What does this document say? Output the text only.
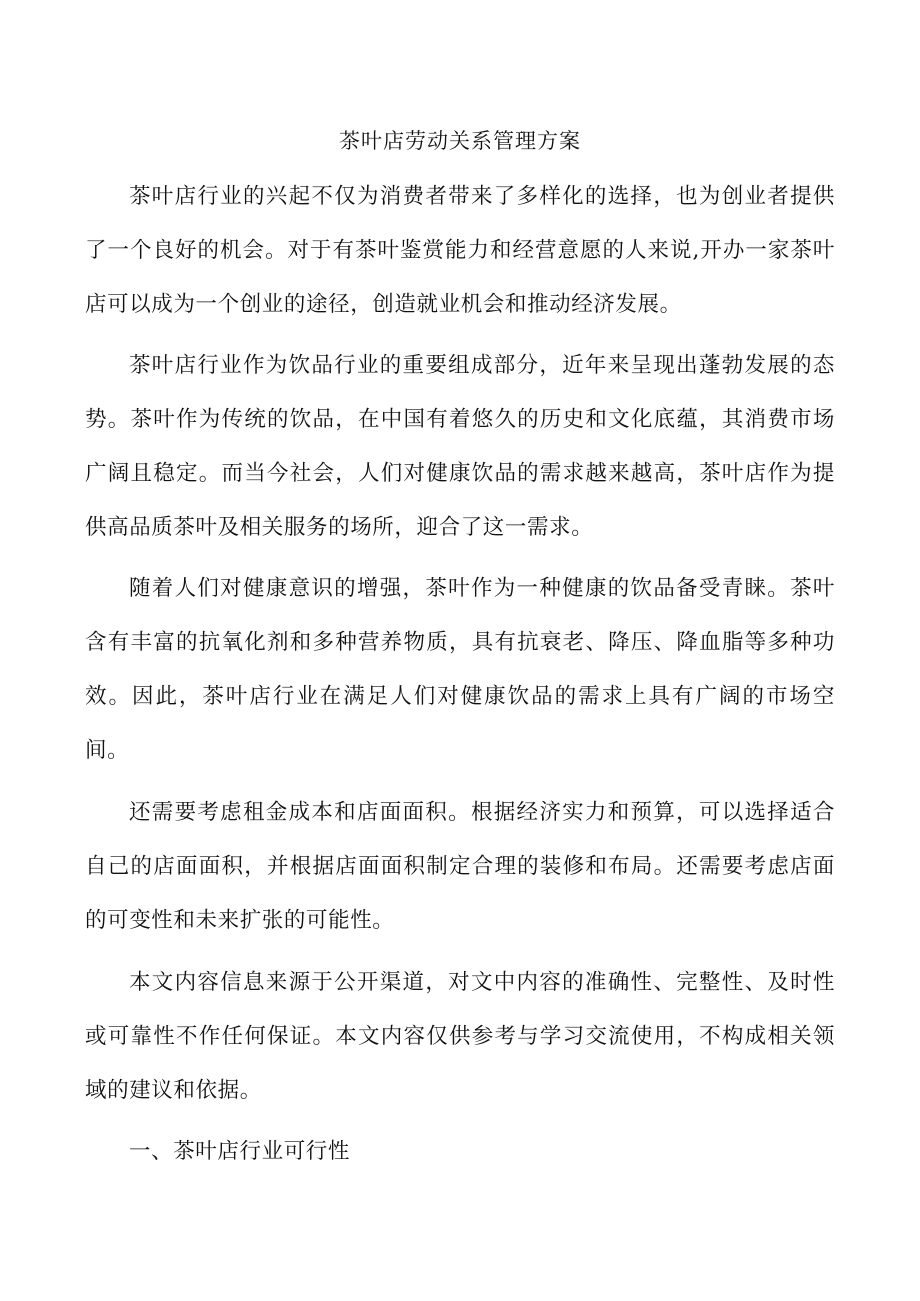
茶叶店劳动关系管理方案

茶叶店行业的兴起不仅为消费者带来了多样化的选择，也为创业者提供了一个良好的机会。对于有茶叶鉴赏能力和经营意愿的人来说,开办一家茶叶店可以成为一个创业的途径，创造就业机会和推动经济发展。

茶叶店行业作为饮品行业的重要组成部分，近年来呈现出蓬勃发展的态势。茶叶作为传统的饮品，在中国有着悠久的历史和文化底蕴，其消费市场广阔且稳定。而当今社会，人们对健康饮品的需求越来越高，茶叶店作为提供高品质茶叶及相关服务的场所，迎合了这一需求。

随着人们对健康意识的增强，茶叶作为一种健康的饮品备受青睐。茶叶含有丰富的抗氧化剂和多种营养物质，具有抗衰老、降压、降血脂等多种功效。因此，茶叶店行业在满足人们对健康饮品的需求上具有广阔的市场空间。

还需要考虑租金成本和店面面积。根据经济实力和预算，可以选择适合自己的店面面积，并根据店面面积制定合理的装修和布局。还需要考虑店面的可变性和未来扩张的可能性。

本文内容信息来源于公开渠道，对文中内容的准确性、完整性、及时性或可靠性不作任何保证。本文内容仅供参考与学习交流使用，不构成相关领域的建议和依据。

一、茶叶店行业可行性
